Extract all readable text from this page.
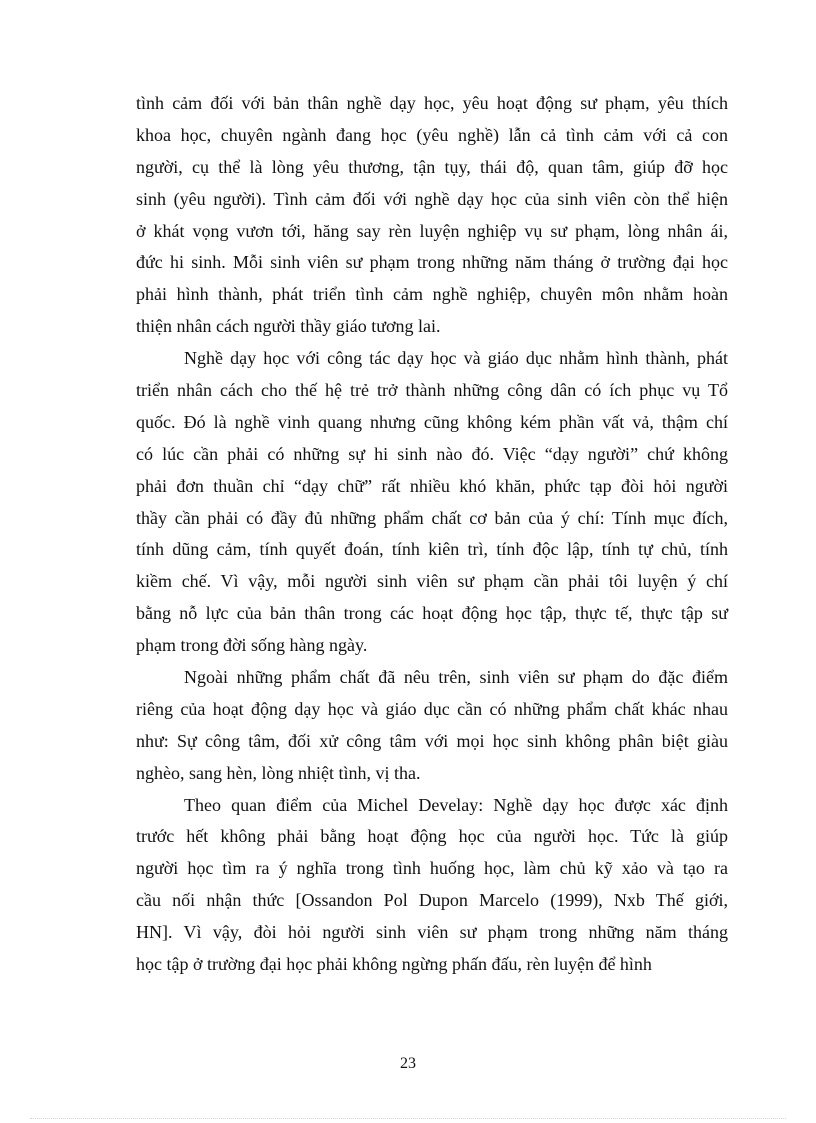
tình cảm đối với bản thân nghề dạy học, yêu hoạt động sư phạm, yêu thích
khoa học, chuyên ngành đang học (yêu nghề) lẫn cả tình cảm với cả con
người, cụ thể là lòng yêu thương, tận tụy, thái độ, quan tâm, giúp đỡ học
sinh (yêu người). Tình cảm đối với nghề dạy học của sinh viên còn thể hiện
ở khát vọng vươn tới, hăng say rèn luyện nghiệp vụ sư phạm, lòng nhân ái,
đức hi sinh. Mỗi sinh viên sư phạm trong những năm tháng ở trường đại học
phải hình thành, phát triển tình cảm nghề nghiệp, chuyên môn nhằm hoàn
thiện nhân cách người thầy giáo tương lai.
Nghề dạy học với công tác dạy học và giáo dục nhằm hình thành, phát
triển nhân cách cho thế hệ trẻ trở thành những công dân có ích phục vụ Tổ
quốc. Đó là nghề vinh quang nhưng cũng không kém phần vất vả, thậm chí
có lúc cần phải có những sự hi sinh nào đó. Việc “dạy người” chứ không
phải đơn thuần chỉ “dạy chữ” rất nhiều khó khăn, phức tạp đòi hỏi người
thầy cần phải có đầy đủ những phẩm chất cơ bản của ý chí: Tính mục đích,
tính dũng cảm, tính quyết đoán, tính kiên trì, tính độc lập, tính tự chủ, tính
kiềm chế. Vì vậy, mỗi người sinh viên sư phạm cần phải tôi luyện ý chí
bằng nỗ lực của bản thân trong các hoạt động học tập, thực tế, thực tập sư
phạm trong đời sống hàng ngày.
Ngoài những phẩm chất đã nêu trên, sinh viên sư phạm do đặc điểm
riêng của hoạt động dạy học và giáo dục cần có những phẩm chất khác nhau
như: Sự công tâm, đối xử công tâm với mọi học sinh không phân biệt giàu
nghèo, sang hèn, lòng nhiệt tình, vị tha.
Theo quan điểm của Michel Develay: Nghề dạy học được xác định
trước hết không phải bằng hoạt động học của người học. Tức là giúp
người học tìm ra ý nghĩa trong tình huống học, làm chủ kỹ xảo và tạo ra
cầu nối nhận thức [Ossandon Pol Dupon Marcelo (1999), Nxb Thế giới,
HN]. Vì vậy, đòi hỏi người sinh viên sư phạm trong những năm tháng
học tập ở trường đại học phải không ngừng phấn đấu, rèn luyện để hình
23
